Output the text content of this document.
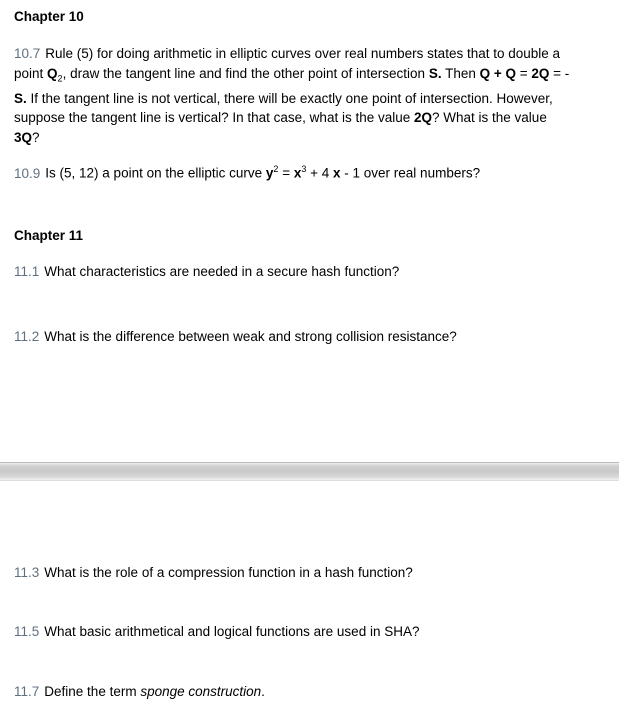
Chapter 10
10.7 Rule (5) for doing arithmetic in elliptic curves over real numbers states that to double a point $Q_2$, draw the tangent line and find the other point of intersection S. Then Q + Q = 2Q = -S. If the tangent line is not vertical, there will be exactly one point of intersection. However, suppose the tangent line is vertical? In that case, what is the value 2Q? What is the value 3Q?
10.9 Is (5, 12) a point on the elliptic curve $y^2 = x^3 + 4$ x - 1 over real numbers?
Chapter 11
11.1 What characteristics are needed in a secure hash function?
11.2 What is the difference between weak and strong collision resistance?
11.3 What is the role of a compression function in a hash function?
11.5 What basic arithmetical and logical functions are used in SHA?
11.7 Define the term sponge construction.
